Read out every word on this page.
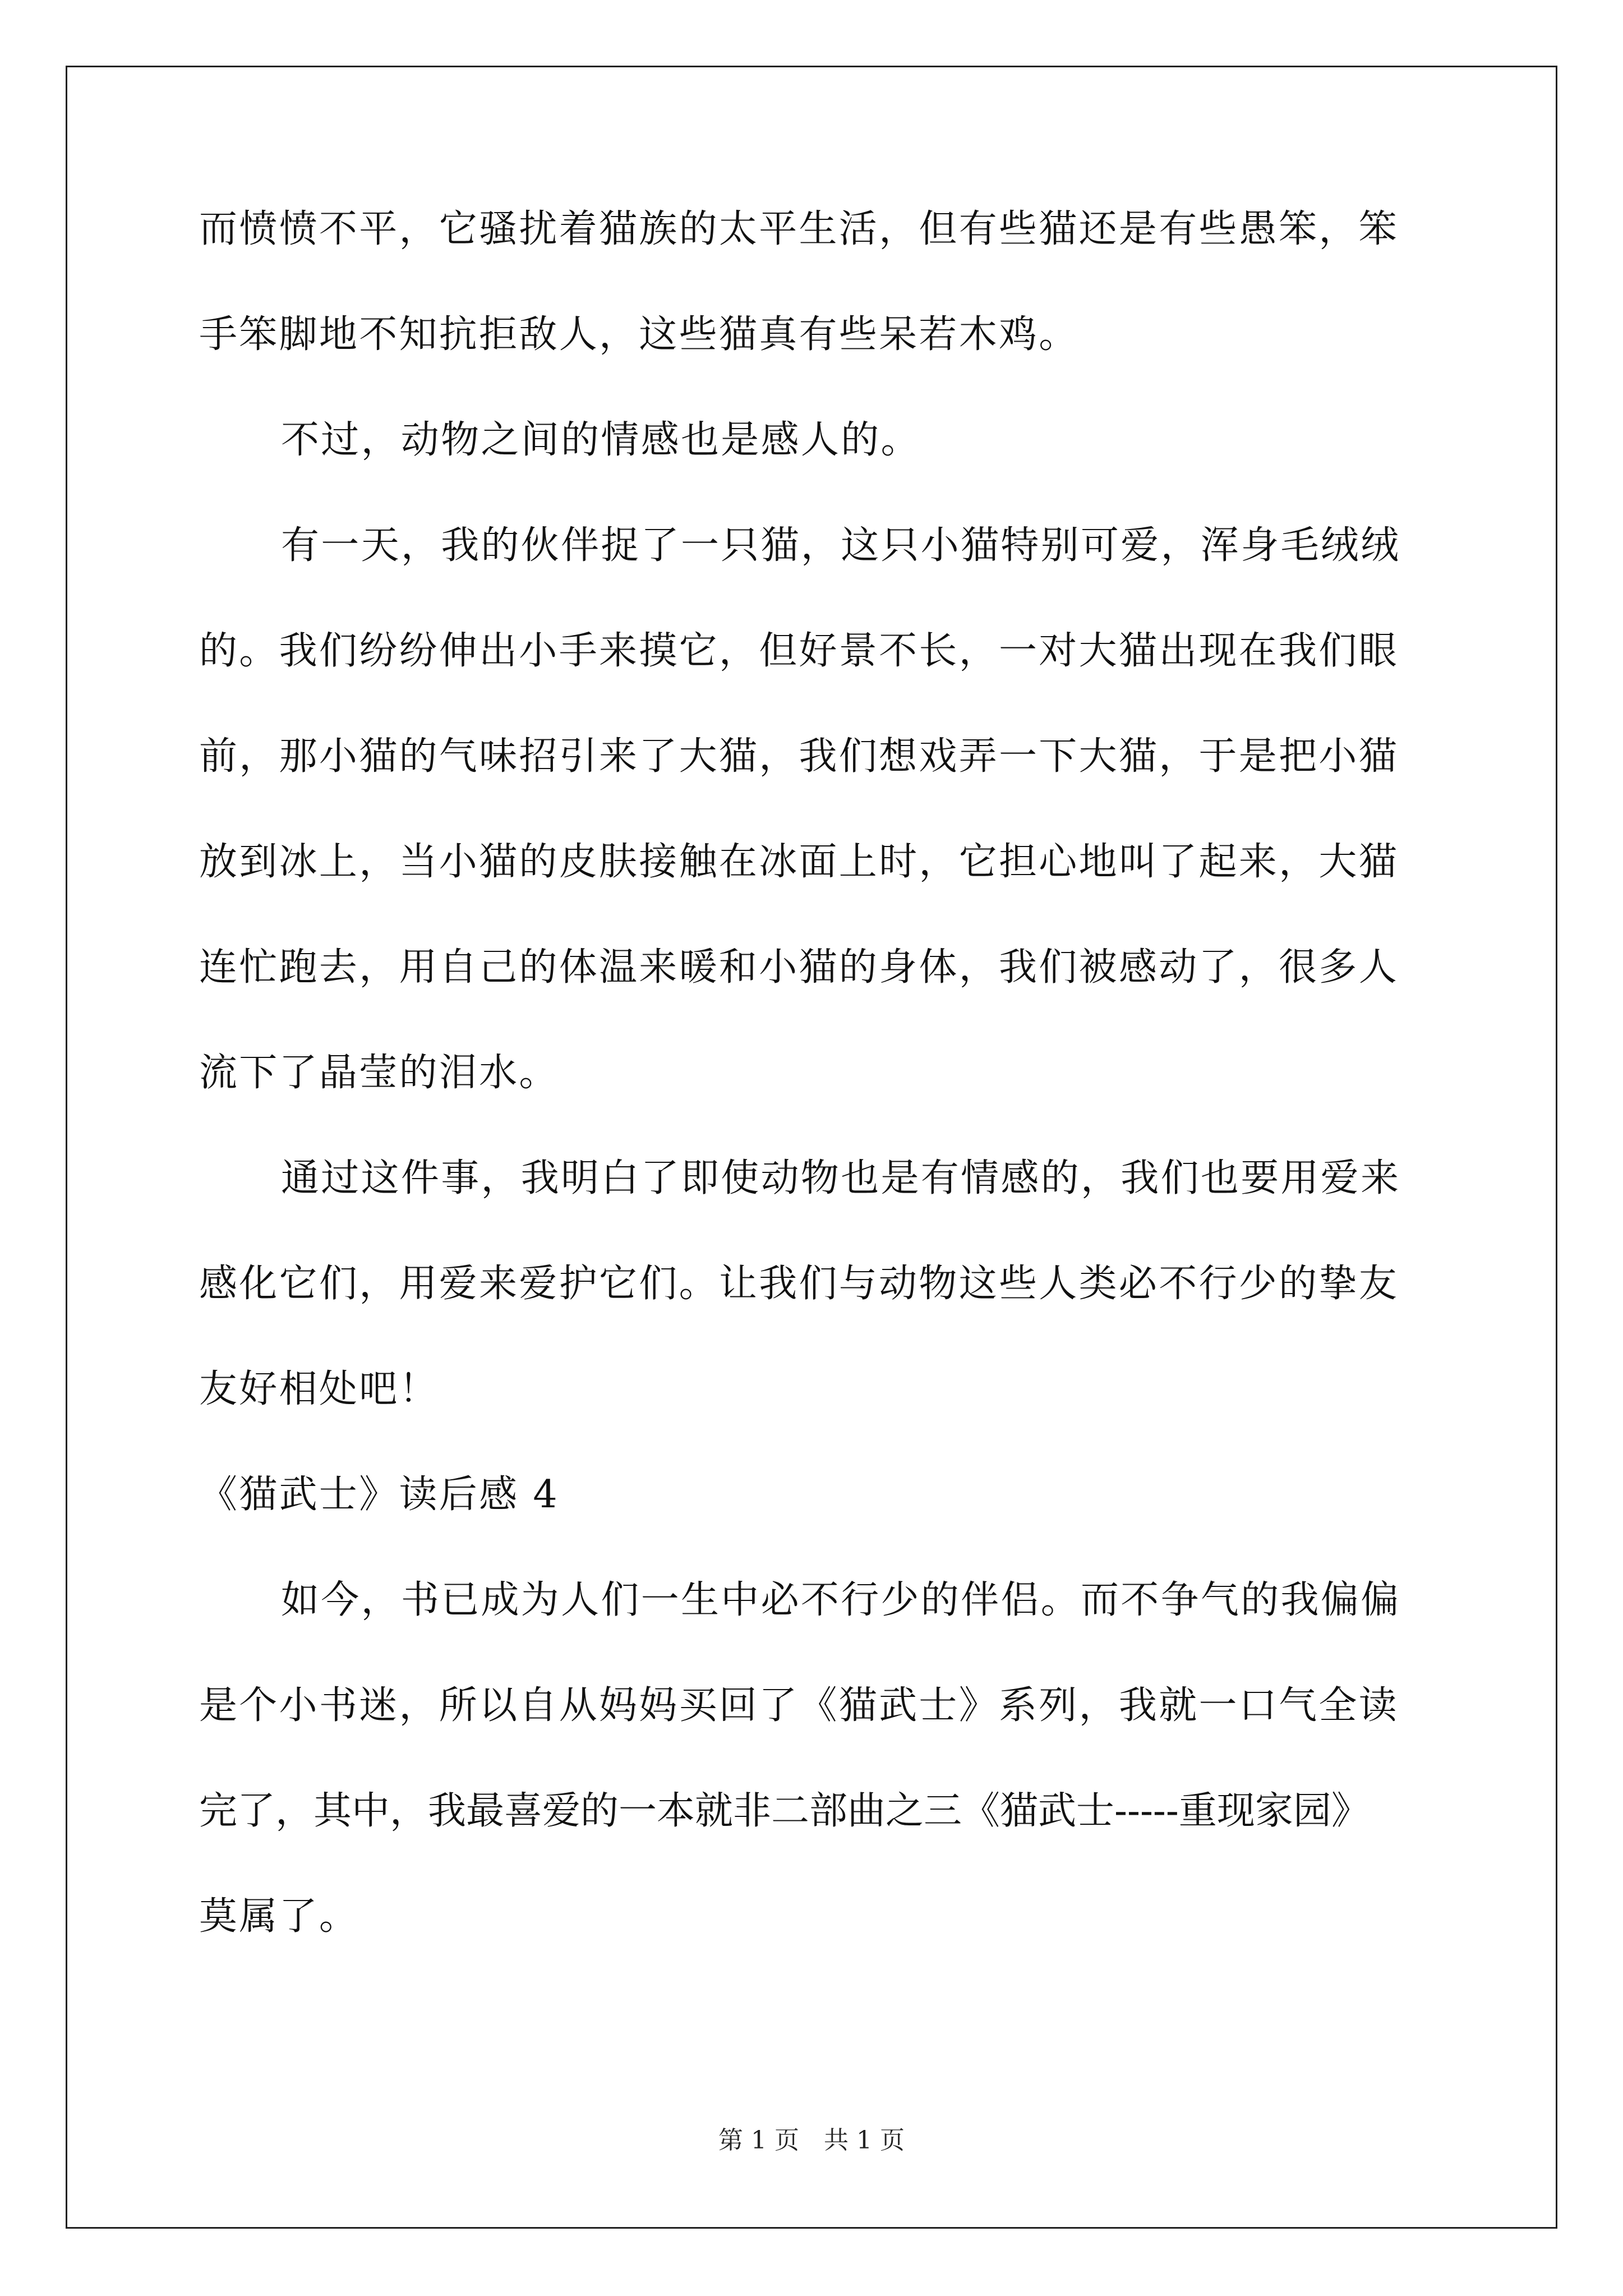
而愤愤不平，它骚扰着猫族的太平生活，但有些猫还是有些愚笨，笨
手笨脚地不知抗拒敌人，这些猫真有些呆若木鸡。
不过，动物之间的情感也是感人的。
有一天，我的伙伴捉了一只猫，这只小猫特别可爱，浑身毛绒绒
的。我们纷纷伸出小手来摸它，但好景不长，一对大猫出现在我们眼
前，那小猫的气味招引来了大猫，我们想戏弄一下大猫，于是把小猫
放到冰上，当小猫的皮肤接触在冰面上时，它担心地叫了起来，大猫
连忙跑去，用自己的体温来暖和小猫的身体，我们被感动了，很多人
流下了晶莹的泪水。
通过这件事，我明白了即使动物也是有情感的，我们也要用爱来
感化它们，用爱来爱护它们。让我们与动物这些人类必不行少的挚友
友好相处吧！
《猫武士》读后感 4
如今，书已成为人们一生中必不行少的伴侣。而不争气的我偏偏
是个小书迷，所以自从妈妈买回了《猫武士》系列，我就一口气全读
完了，其中，我最喜爱的一本就非二部曲之三《猫武士-----重现家园》
莫属了。
第 1 页　共 1 页
